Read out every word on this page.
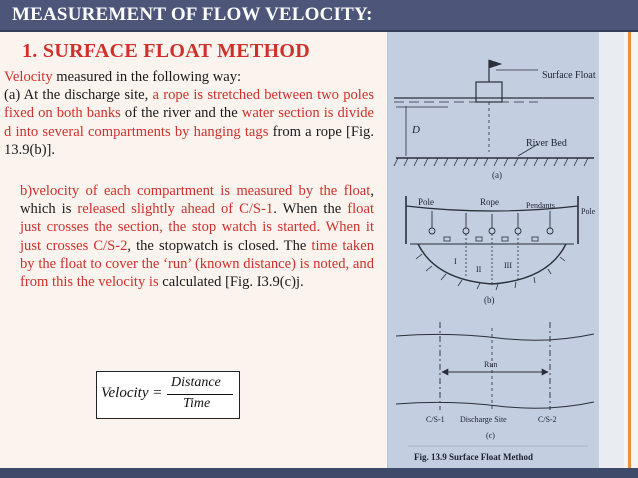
MEASUREMENT OF FLOW VELOCITY:
1. SURFACE FLOAT METHOD

Velocity measured in the following way:
(a) At the discharge site, a rope is stretched between two poles fixed on both banks of the river and the water section is divide d into several compartments by hanging tags from a rope [Fig. 13.9(b)].

b)velocity of each compartment is measured by the float, which is released slightly ahead of C/S-1. When the float just crosses the section, the stop watch is started. When it just crosses C/S-2, the stopwatch is closed. The time taken by the float to cover the ‘run’ (known distance) is noted, and from this the velocity is calculated [Fig. I3.9(c)j.

Velocity =
Distance
Time
Surface Float
D
River Bed
(a)
Pole	Rope	Pendants
Pole
I
II	III
(b)
Run
C/S-1 Discharge Site	C/S-2
(c)
Fig. 13.9 Surface Float Method
